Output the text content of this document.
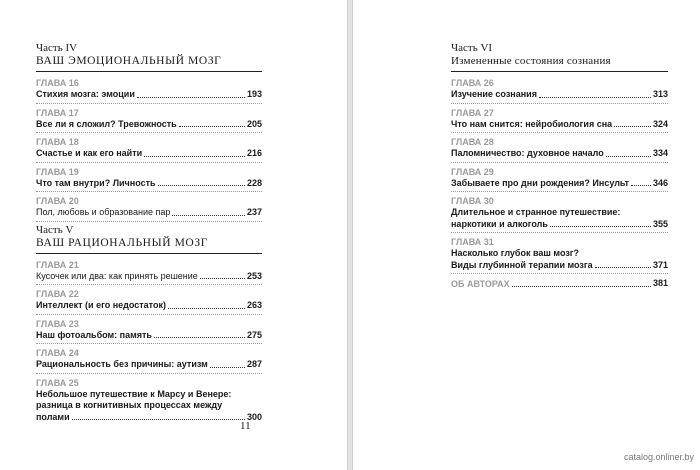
Часть IV
ВАШ ЭМОЦИОНАЛЬНЫЙ МОЗГ
ГЛАВА 16
Стихия мозга: эмоции	193
ГЛАВА 17
Все ли я сложил? Тревожность	205
ГЛАВА 18
Счастье и как его найти	216
ГЛАВА 19
Что там внутри? Личность	228
ГЛАВА 20
Пол, любовь и образование пар	237
Часть V
ВАШ РАЦИОНАЛЬНЫЙ МОЗГ
ГЛАВА 21
Кусочек или два: как принять решение	253
ГЛАВА 22
Интеллект (и его недостаток)	263
ГЛАВА 23
Наш фотоальбом: память	275
ГЛАВА 24
Рациональность без причины: аутизм	287
ГЛАВА 25
Небольшое путешествие к Марсу и Венере:
разница в когнитивных процессах между
полами	300
11
Часть VI
Измененные состояния сознания
ГЛАВА 26
Изучение сознания	313
ГЛАВА 27
Что нам снится: нейробиология сна	324
ГЛАВА 28
Паломничество: духовное начало	334
ГЛАВА 29
Забываете про дни рождения? Инсульт	346
ГЛАВА 30
Длительное и странное путешествие:
наркотики и алкоголь	355
ГЛАВА 31
Насколько глубок ваш мозг?
Виды глубинной терапии мозга	371
ОБ АВТОРАХ	381
catalog.onliner.by
